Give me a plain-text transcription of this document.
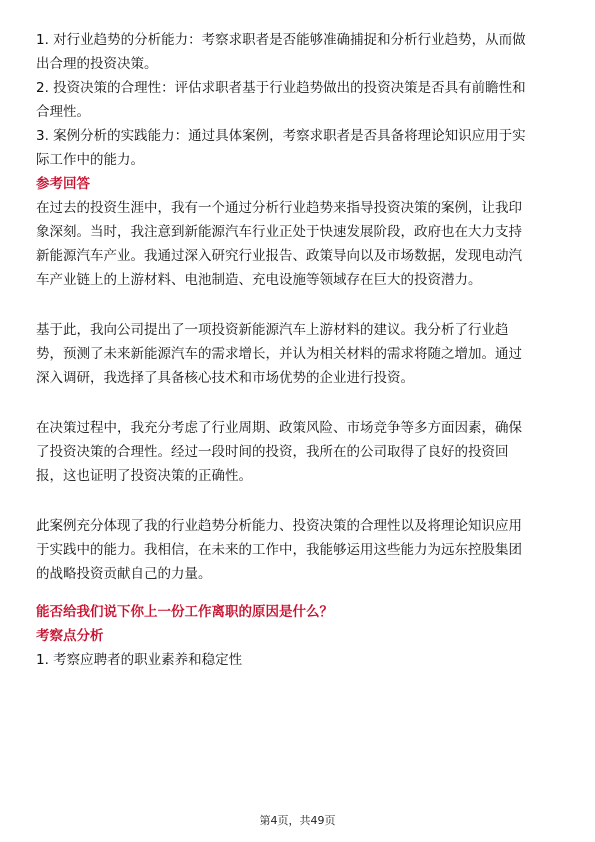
1. 对行业趋势的分析能力：考察求职者是否能够准确捕捉和分析行业趋势，从而做
出合理的投资决策。
2. 投资决策的合理性：评估求职者基于行业趋势做出的投资决策是否具有前瞻性和
合理性。
3. 案例分析的实践能力：通过具体案例，考察求职者是否具备将理论知识应用于实
际工作中的能力。
参考回答
在过去的投资生涯中，我有一个通过分析行业趋势来指导投资决策的案例，让我印
象深刻。当时，我注意到新能源汽车行业正处于快速发展阶段，政府也在大力支持
新能源汽车产业。我通过深入研究行业报告、政策导向以及市场数据，发现电动汽
车产业链上的上游材料、电池制造、充电设施等领域存在巨大的投资潜力。
基于此，我向公司提出了一项投资新能源汽车上游材料的建议。我分析了行业趋
势，预测了未来新能源汽车的需求增长，并认为相关材料的需求将随之增加。通过
深入调研，我选择了具备核心技术和市场优势的企业进行投资。
在决策过程中，我充分考虑了行业周期、政策风险、市场竞争等多方面因素，确保
了投资决策的合理性。经过一段时间的投资，我所在的公司取得了良好的投资回
报，这也证明了投资决策的正确性。
此案例充分体现了我的行业趋势分析能力、投资决策的合理性以及将理论知识应用
于实践中的能力。我相信，在未来的工作中，我能够运用这些能力为远东控股集团
的战略投资贡献自己的力量。
能否给我们说下你上一份工作离职的原因是什么？
考察点分析
1. 考察应聘者的职业素养和稳定性
第4页，共49页
